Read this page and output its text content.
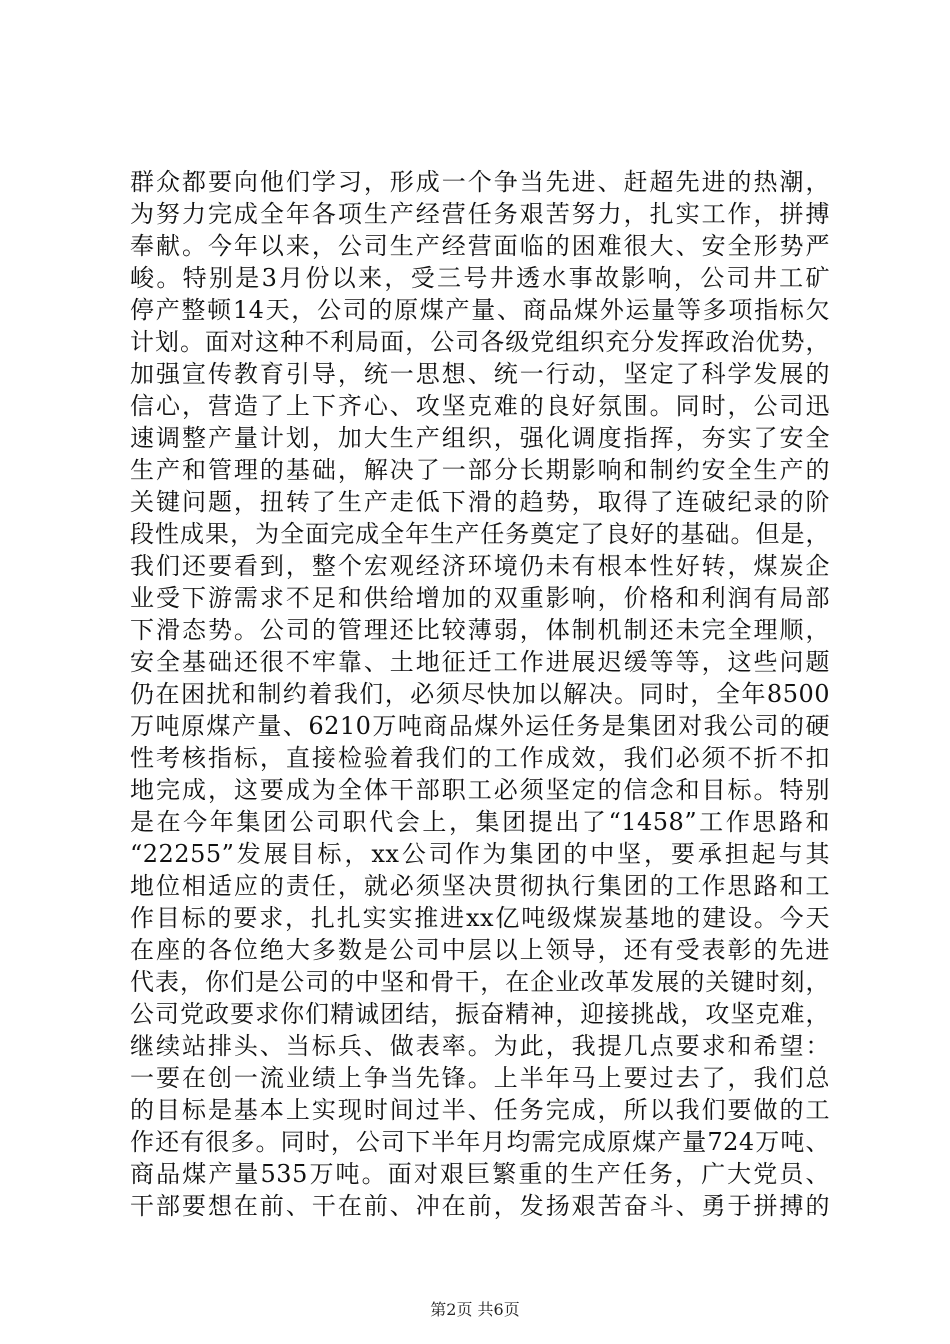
群众都要向他们学习，形成一个争当先进、赶超先进的热潮，
为努力完成全年各项生产经营任务艰苦努力，扎实工作，拼搏
奉献。今年以来，公司生产经营面临的困难很大、安全形势严
峻。特别是3月份以来，受三号井透水事故影响，公司井工矿
停产整顿14天，公司的原煤产量、商品煤外运量等多项指标欠
计划。面对这种不利局面，公司各级党组织充分发挥政治优势，
加强宣传教育引导，统一思想、统一行动，坚定了科学发展的
信心，营造了上下齐心、攻坚克难的良好氛围。同时，公司迅
速调整产量计划，加大生产组织，强化调度指挥，夯实了安全
生产和管理的基础，解决了一部分长期影响和制约安全生产的
关键问题，扭转了生产走低下滑的趋势，取得了连破纪录的阶
段性成果，为全面完成全年生产任务奠定了良好的基础。但是，
我们还要看到，整个宏观经济环境仍未有根本性好转，煤炭企
业受下游需求不足和供给增加的双重影响，价格和利润有局部
下滑态势。公司的管理还比较薄弱，体制机制还未完全理顺，
安全基础还很不牢靠、土地征迁工作进展迟缓等等，这些问题
仍在困扰和制约着我们，必须尽快加以解决。同时，全年8500
万吨原煤产量、6210万吨商品煤外运任务是集团对我公司的硬
性考核指标，直接检验着我们的工作成效，我们必须不折不扣
地完成，这要成为全体干部职工必须坚定的信念和目标。特别
是在今年集团公司职代会上，集团提出了“1458”工作思路和
“22255”发展目标，xx公司作为集团的中坚，要承担起与其
地位相适应的责任，就必须坚决贯彻执行集团的工作思路和工
作目标的要求，扎扎实实推进xx亿吨级煤炭基地的建设。今天
在座的各位绝大多数是公司中层以上领导，还有受表彰的先进
代表，你们是公司的中坚和骨干，在企业改革发展的关键时刻，
公司党政要求你们精诚团结，振奋精神，迎接挑战，攻坚克难，
继续站排头、当标兵、做表率。为此，我提几点要求和希望：
一要在创一流业绩上争当先锋。上半年马上要过去了，我们总
的目标是基本上实现时间过半、任务完成，所以我们要做的工
作还有很多。同时，公司下半年月均需完成原煤产量724万吨、
商品煤产量535万吨。面对艰巨繁重的生产任务，广大党员、
干部要想在前、干在前、冲在前，发扬艰苦奋斗、勇于拼搏的
第2页 共6页
